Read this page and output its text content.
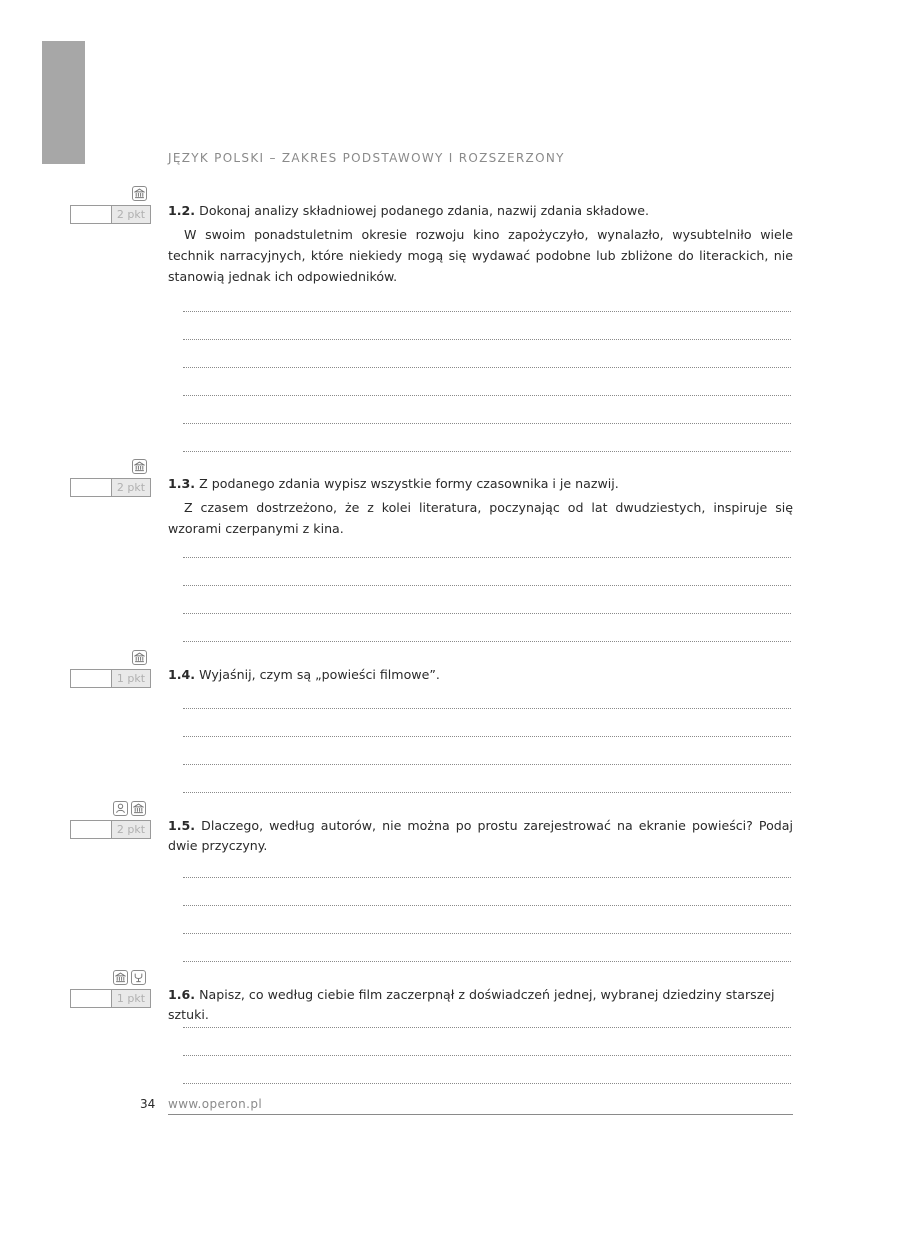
JĘZYK POLSKI – ZAKRES PODSTAWOWY I ROZSZERZONY
2 pkt	1.2. Dokonaj analizy składniowej podanego zdania, nazwij zdania składowe.
W swoim ponadstuletnim okresie rozwoju kino zapożyczyło, wynalazło, wysubtelniło wiele technik narracyjnych, które niekiedy mogą się wydawać podobne lub zbliżone do literackich, nie stanowią jednak ich odpowiedników.
2 pkt	1.3. Z podanego zdania wypisz wszystkie formy czasownika i je nazwij.
Z czasem dostrzeżono, że z kolei literatura, poczynając od lat dwudziestych, inspiruje się wzorami czerpanymi z kina.
1 pkt	1.4. Wyjaśnij, czym są „powieści filmowe”.
2 pkt	1.5. Dlaczego, według autorów, nie można po prostu zarejestrować na ekranie powieści? Podaj dwie przyczyny.
1 pkt	1.6. Napisz, co według ciebie film zaczerpnął z doświadczeń jednej, wybranej dziedziny starszej sztuki.
34 www.operon.pl
